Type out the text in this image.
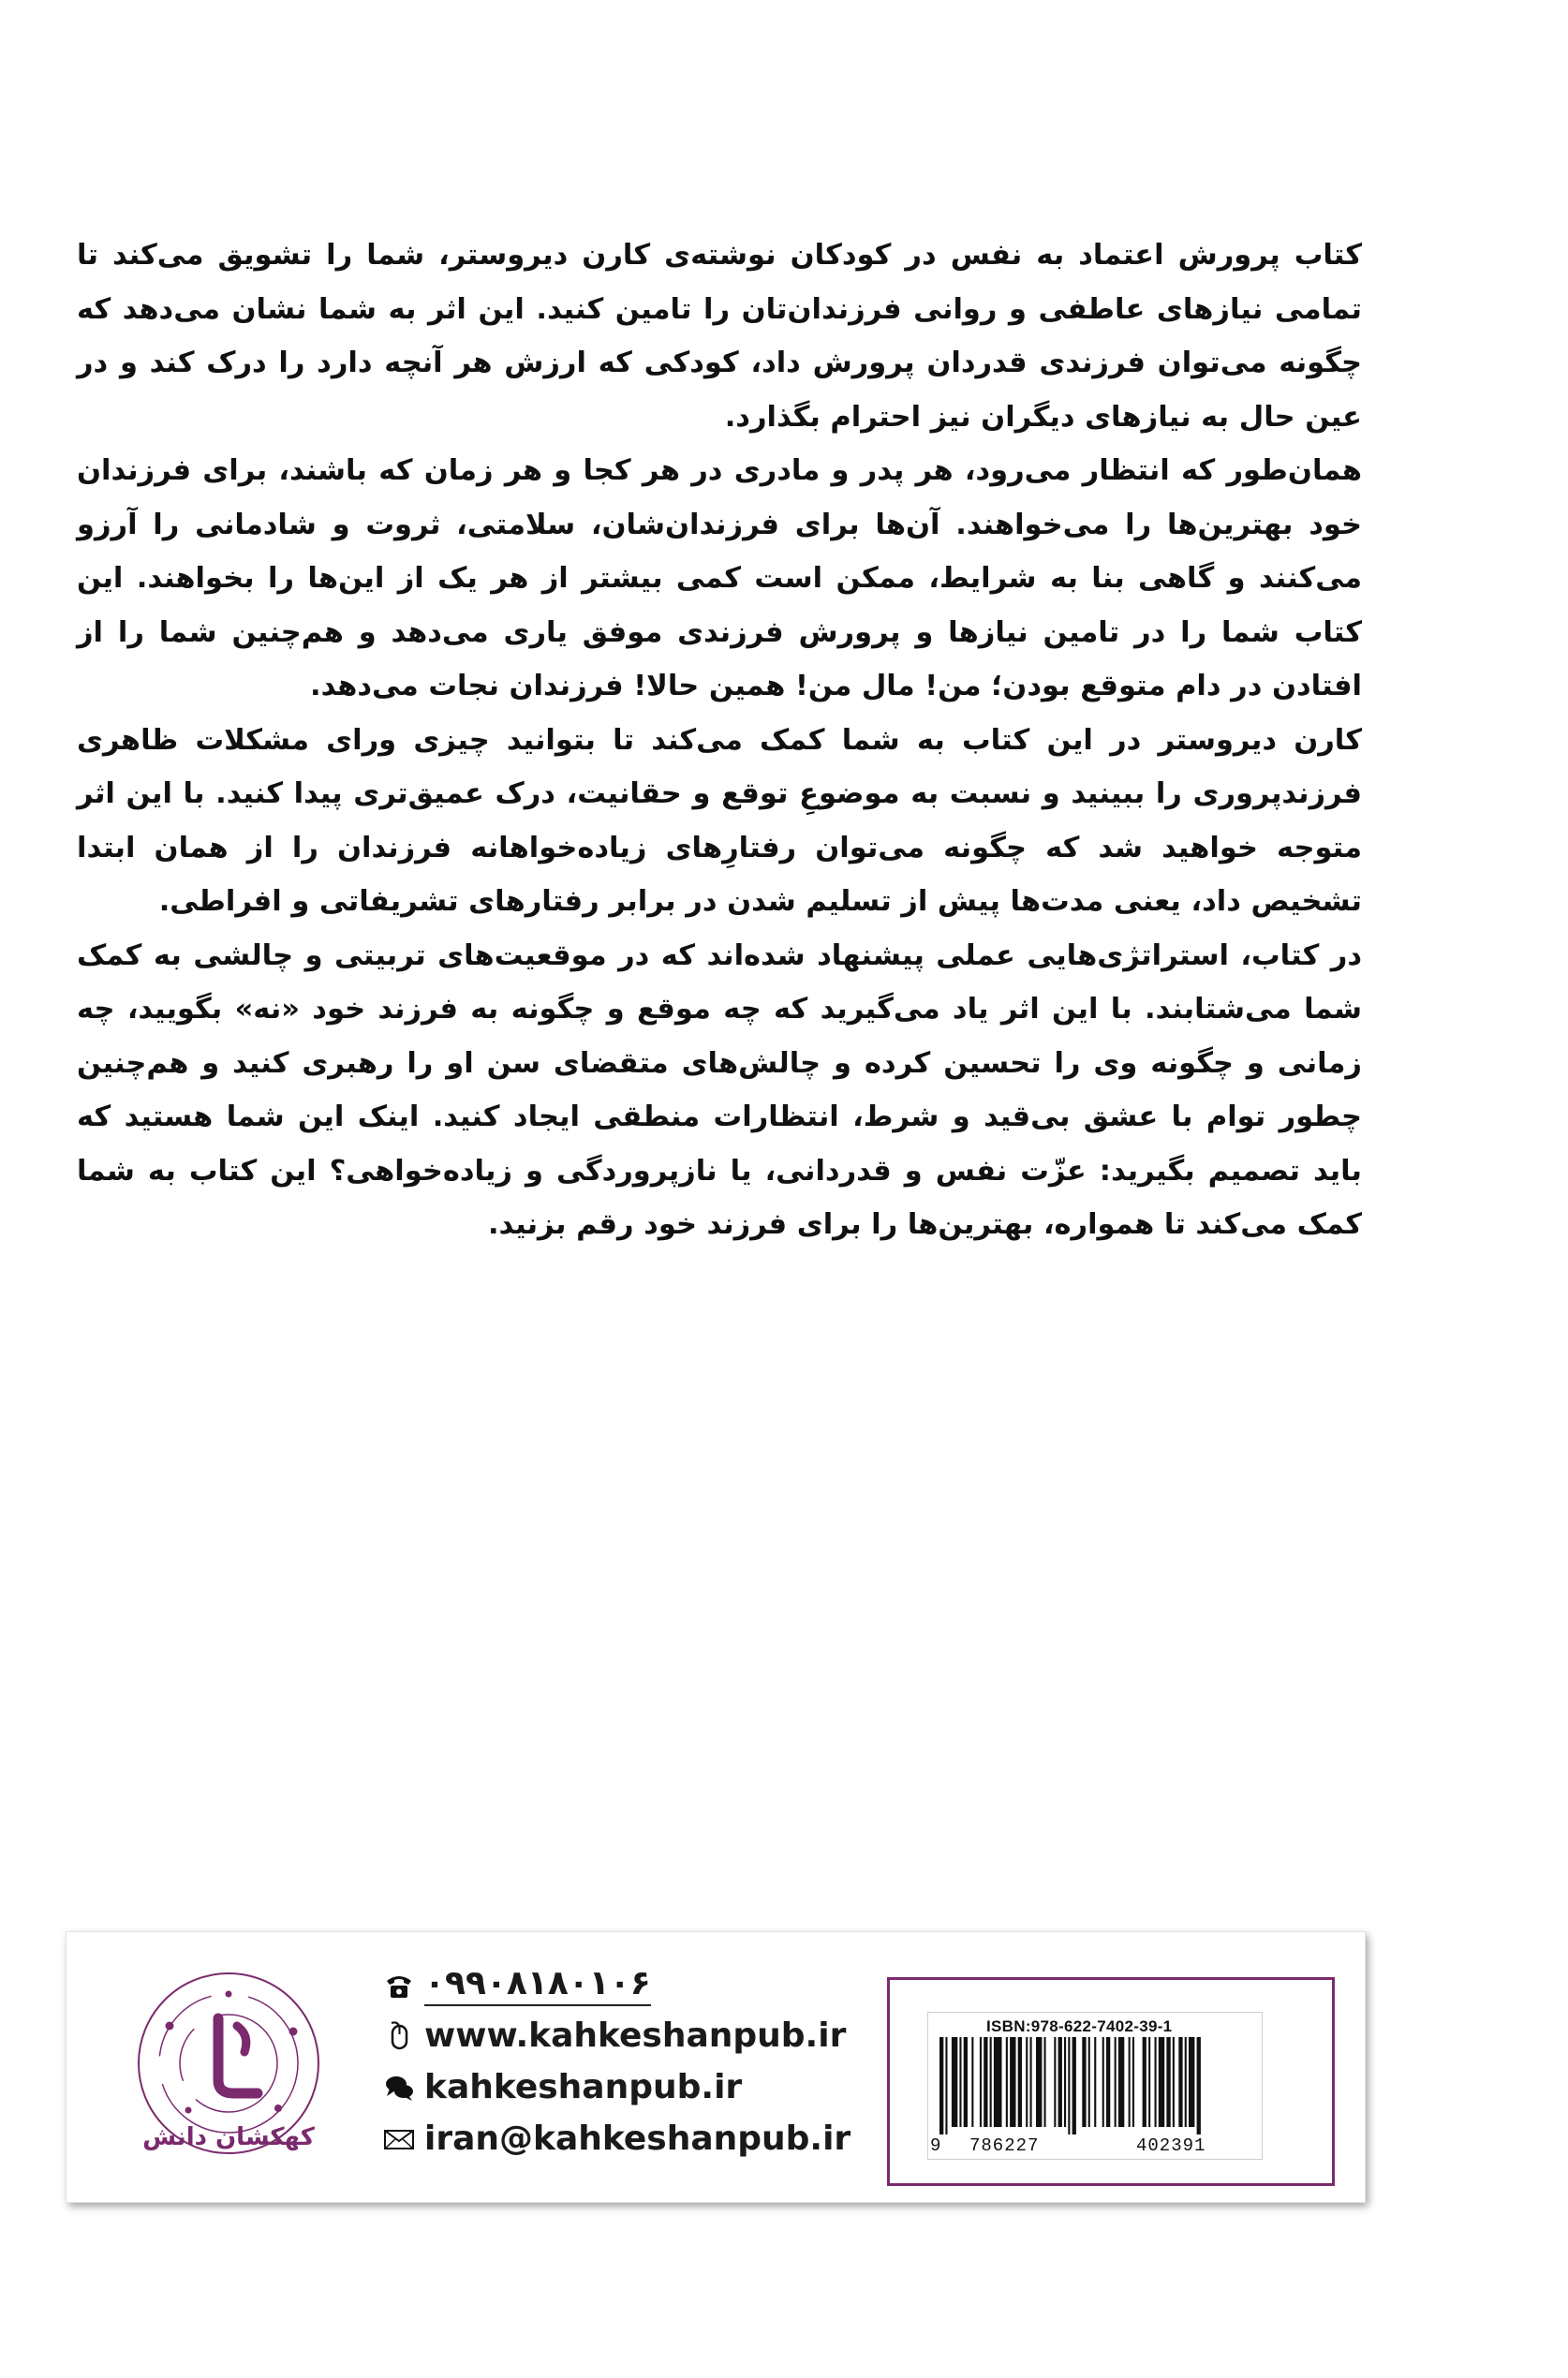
کتاب پرورش اعتماد به نفس در کودکان نوشته‌ی کارن دیروستر، شما را تشویق می‌کند تا تمامی نیازهای عاطفی و روانی فرزندان‌تان را تامین کنید. این اثر به شما نشان می‌دهد که چگونه می‌توان فرزندی قدردان پرورش داد، کودکی که ارزش هر آنچه دارد را درک کند و در عین حال به نیازهای دیگران نیز احترام بگذارد.

همان‌طور که انتظار می‌رود، هر پدر و مادری در هر کجا و هر زمان که باشند، برای فرزندان خود بهترین‌ها را می‌خواهند. آن‌ها برای فرزندان‌شان، سلامتی، ثروت و شادمانی را آرزو می‌کنند و گاهی بنا به شرایط، ممکن است کمی بیشتر از هر یک از این‌ها را بخواهند. این کتاب شما را در تامین نیازها و پرورش فرزندی موفق یاری می‌دهد و هم‌چنین شما را از افتادن در دام متوقع بودن؛ من! مال من! همین حالا! فرزندان نجات می‌دهد.

کارن دیروستر در این کتاب به شما کمک می‌کند تا بتوانید چیزی ورای مشکلات ظاهری فرزندپروری را ببینید و نسبت به موضوعِ توقع و حقانیت، درک عمیق‌تری پیدا کنید. با این اثر متوجه خواهید شد که چگونه می‌توان رفتارِهای زیاده‌خواهانه فرزندان را از همان ابتدا تشخیص داد، یعنی مدت‌ها پیش از تسلیم شدن در برابر رفتارهای تشریفاتی و افراطی.

در کتاب، استراتژی‌هایی عملی پیشنهاد شده‌اند که در موقعیت‌های تربیتی و چالشی به کمک شما می‌شتابند. با این اثر یاد می‌گیرید که چه موقع و چگونه به فرزند خود «نه» بگویید، چه زمانی و چگونه وی را تحسین کرده و چالش‌های متقضای سن او را رهبری کنید و هم‌چنین چطور توام با عشق بی‌قید و شرط، انتظارات منطقی ایجاد کنید. اینک این شما هستید که باید تصمیم بگیرید: عزّت نفس و قدردانی، یا نازپروردگی و زیاده‌خواهی؟ این کتاب به شما کمک می‌کند تا همواره، بهترین‌ها را برای فرزند خود رقم بزنید.

کهکشان دانش
۰۹۹۰۸۱۸۰۱۰۶
www.kahkeshanpub.ir
kahkeshanpub.ir
iran@kahkeshanpub.ir
ISBN:978-622-7402-39-1
9 786227	402391
